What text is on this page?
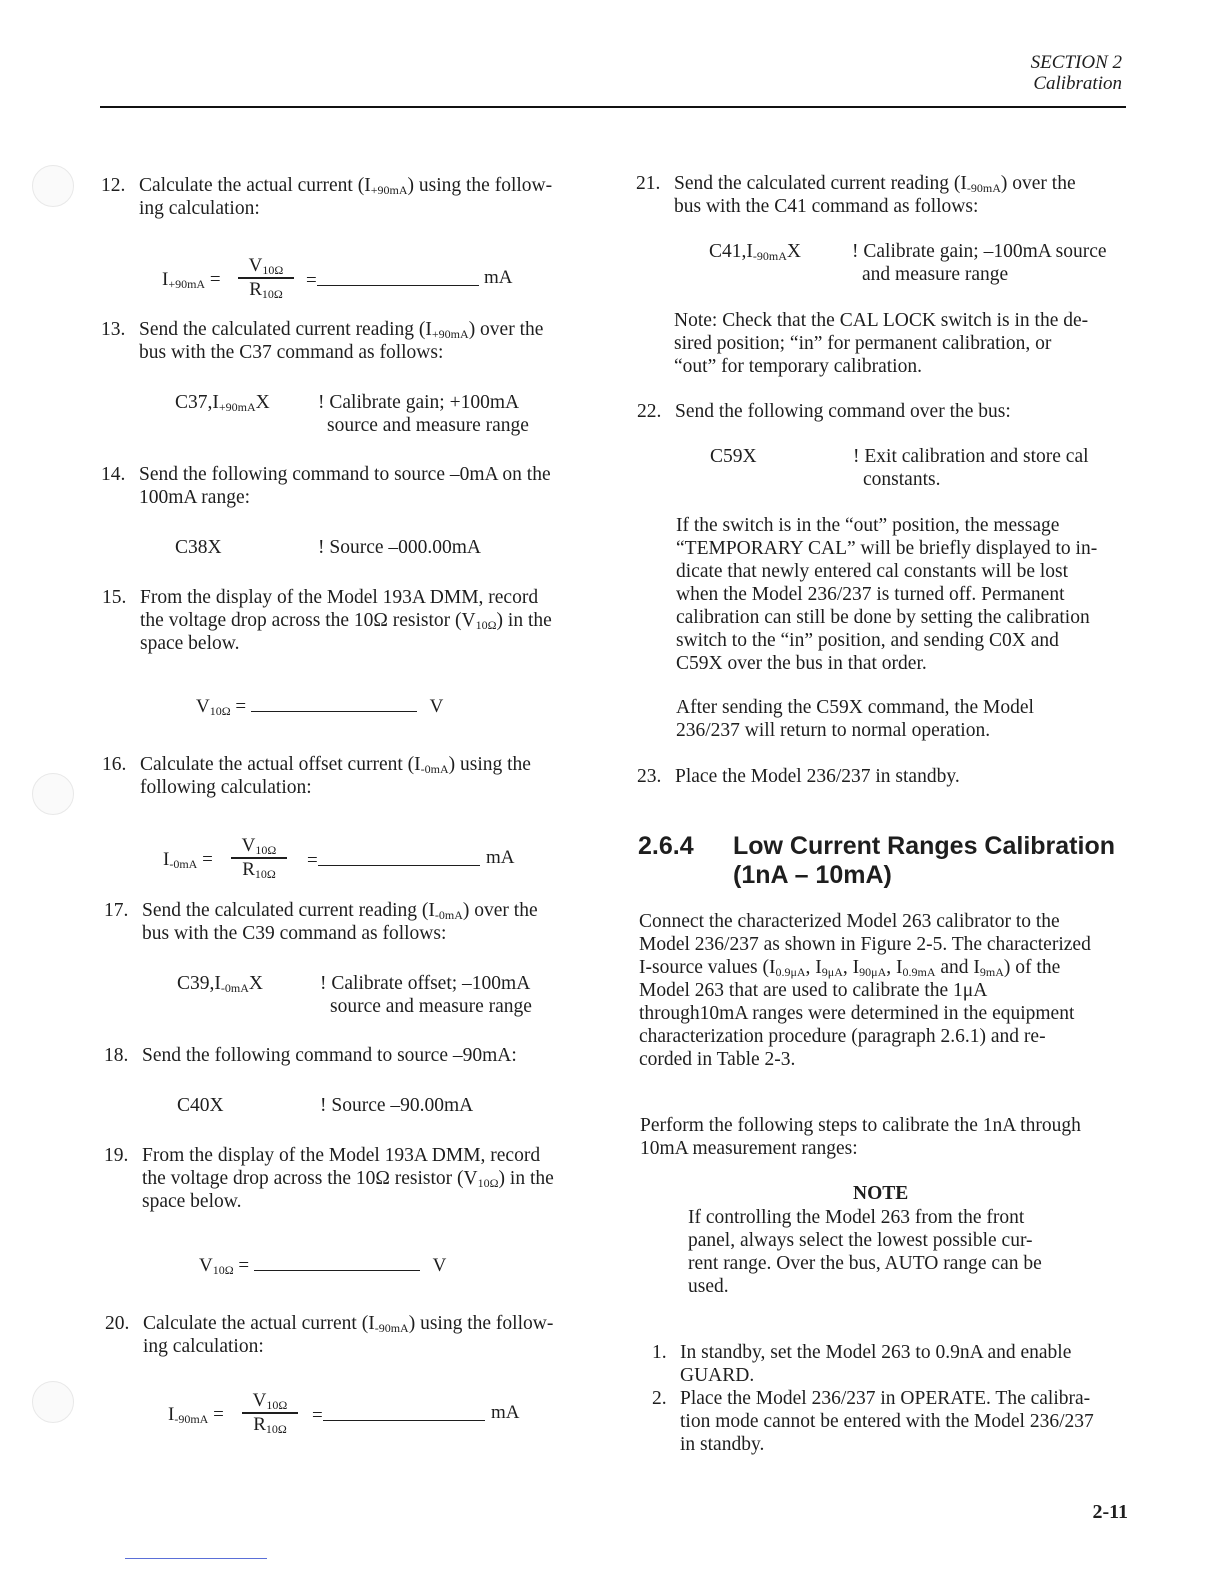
SECTION 2
Calibration
12. Calculate the actual current $(I_{+90mA})$ using the follow-
ing calculation:
$I_{+90mA}$ =
$V_{10\Omega}$
$R_{10\Omega}$
=	mA
13. Send the calculated current reading $(I_{+90mA})$ over the
bus with the C37 command as follows:
$C37,I_{+90mA}X$ ! Calibrate gain; +100mA
source and measure range
14. Send the following command to source –0mA on the
100mA range:
C38X	! Source –000.00mA
15. From the display of the Model 193A DMM, record
the voltage drop across the 10Ω resistor $(V_{10\Omega})$ in the
space below.
$V_{10\Omega}$ =	V
16. Calculate the actual offset current $(I_{-0mA})$ using the
following calculation:
$I_{-0mA}$ =
$V_{10\Omega}$
$R_{10\Omega}$
=	mA
17. Send the calculated current reading $(I_{-0mA})$ over the
bus with the C39 command as follows:
$C39,I_{-0mA}X$	! Calibrate offset; –100mA
source and measure range
18. Send the following command to source –90mA:
C40X	! Source –90.00mA
19. From the display of the Model 193A DMM, record
the voltage drop across the 10Ω resistor $(V_{10\Omega})$ in the
space below.
$V_{10\Omega}$ =	V
20. Calculate the actual current $(I_{-90mA})$ using the follow-
ing calculation:
$I_{-90mA}$ =
$V_{10\Omega}$
$R_{10\Omega}$
=	mA
21. Send the calculated current reading $(I_{-90mA})$ over the
bus with the C41 command as follows:
$C41,I_{-90mA}X$	! Calibrate gain; –100mA source
and measure range
Note: Check that the CAL LOCK switch is in the de-
sired position; “in” for permanent calibration, or
“out” for temporary calibration.
22. Send the following command over the bus:
C59X	! Exit calibration and store cal
constants.
If the switch is in the “out” position, the message
“TEMPORARY CAL” will be briefly displayed to in-
dicate that newly entered cal constants will be lost
when the Model 236/237 is turned off. Permanent
calibration can still be done by setting the calibration
switch to the “in” position, and sending C0X and
C59X over the bus in that order.
After sending the C59X command, the Model
236/237 will return to normal operation.
23. Place the Model 236/237 in standby.
2.6.4 Low Current Ranges Calibration
(1nA – 10mA)
Connect the characterized Model 263 calibrator to the
Model 236/237 as shown in Figure 2-5. The characterized
I-source values ($I_{0.9\mu A}$, $I_{9\mu A}$, $I_{90\mu A}$, $I_{0.9mA}$ and $I_{9mA}$) of the
Model 263 that are used to calibrate the 1μA
through10mA ranges were determined in the equipment
characterization procedure (paragraph 2.6.1) and re-
corded in Table 2-3.
Perform the following steps to calibrate the 1nA through
10mA measurement ranges:
NOTE
If controlling the Model 263 from the front
panel, always select the lowest possible cur-
rent range. Over the bus, AUTO range can be
used.
1. In standby, set the Model 263 to 0.9nA and enable
GUARD.
2. Place the Model 236/237 in OPERATE. The calibra-
tion mode cannot be entered with the Model 236/237
in standby.
2-11
